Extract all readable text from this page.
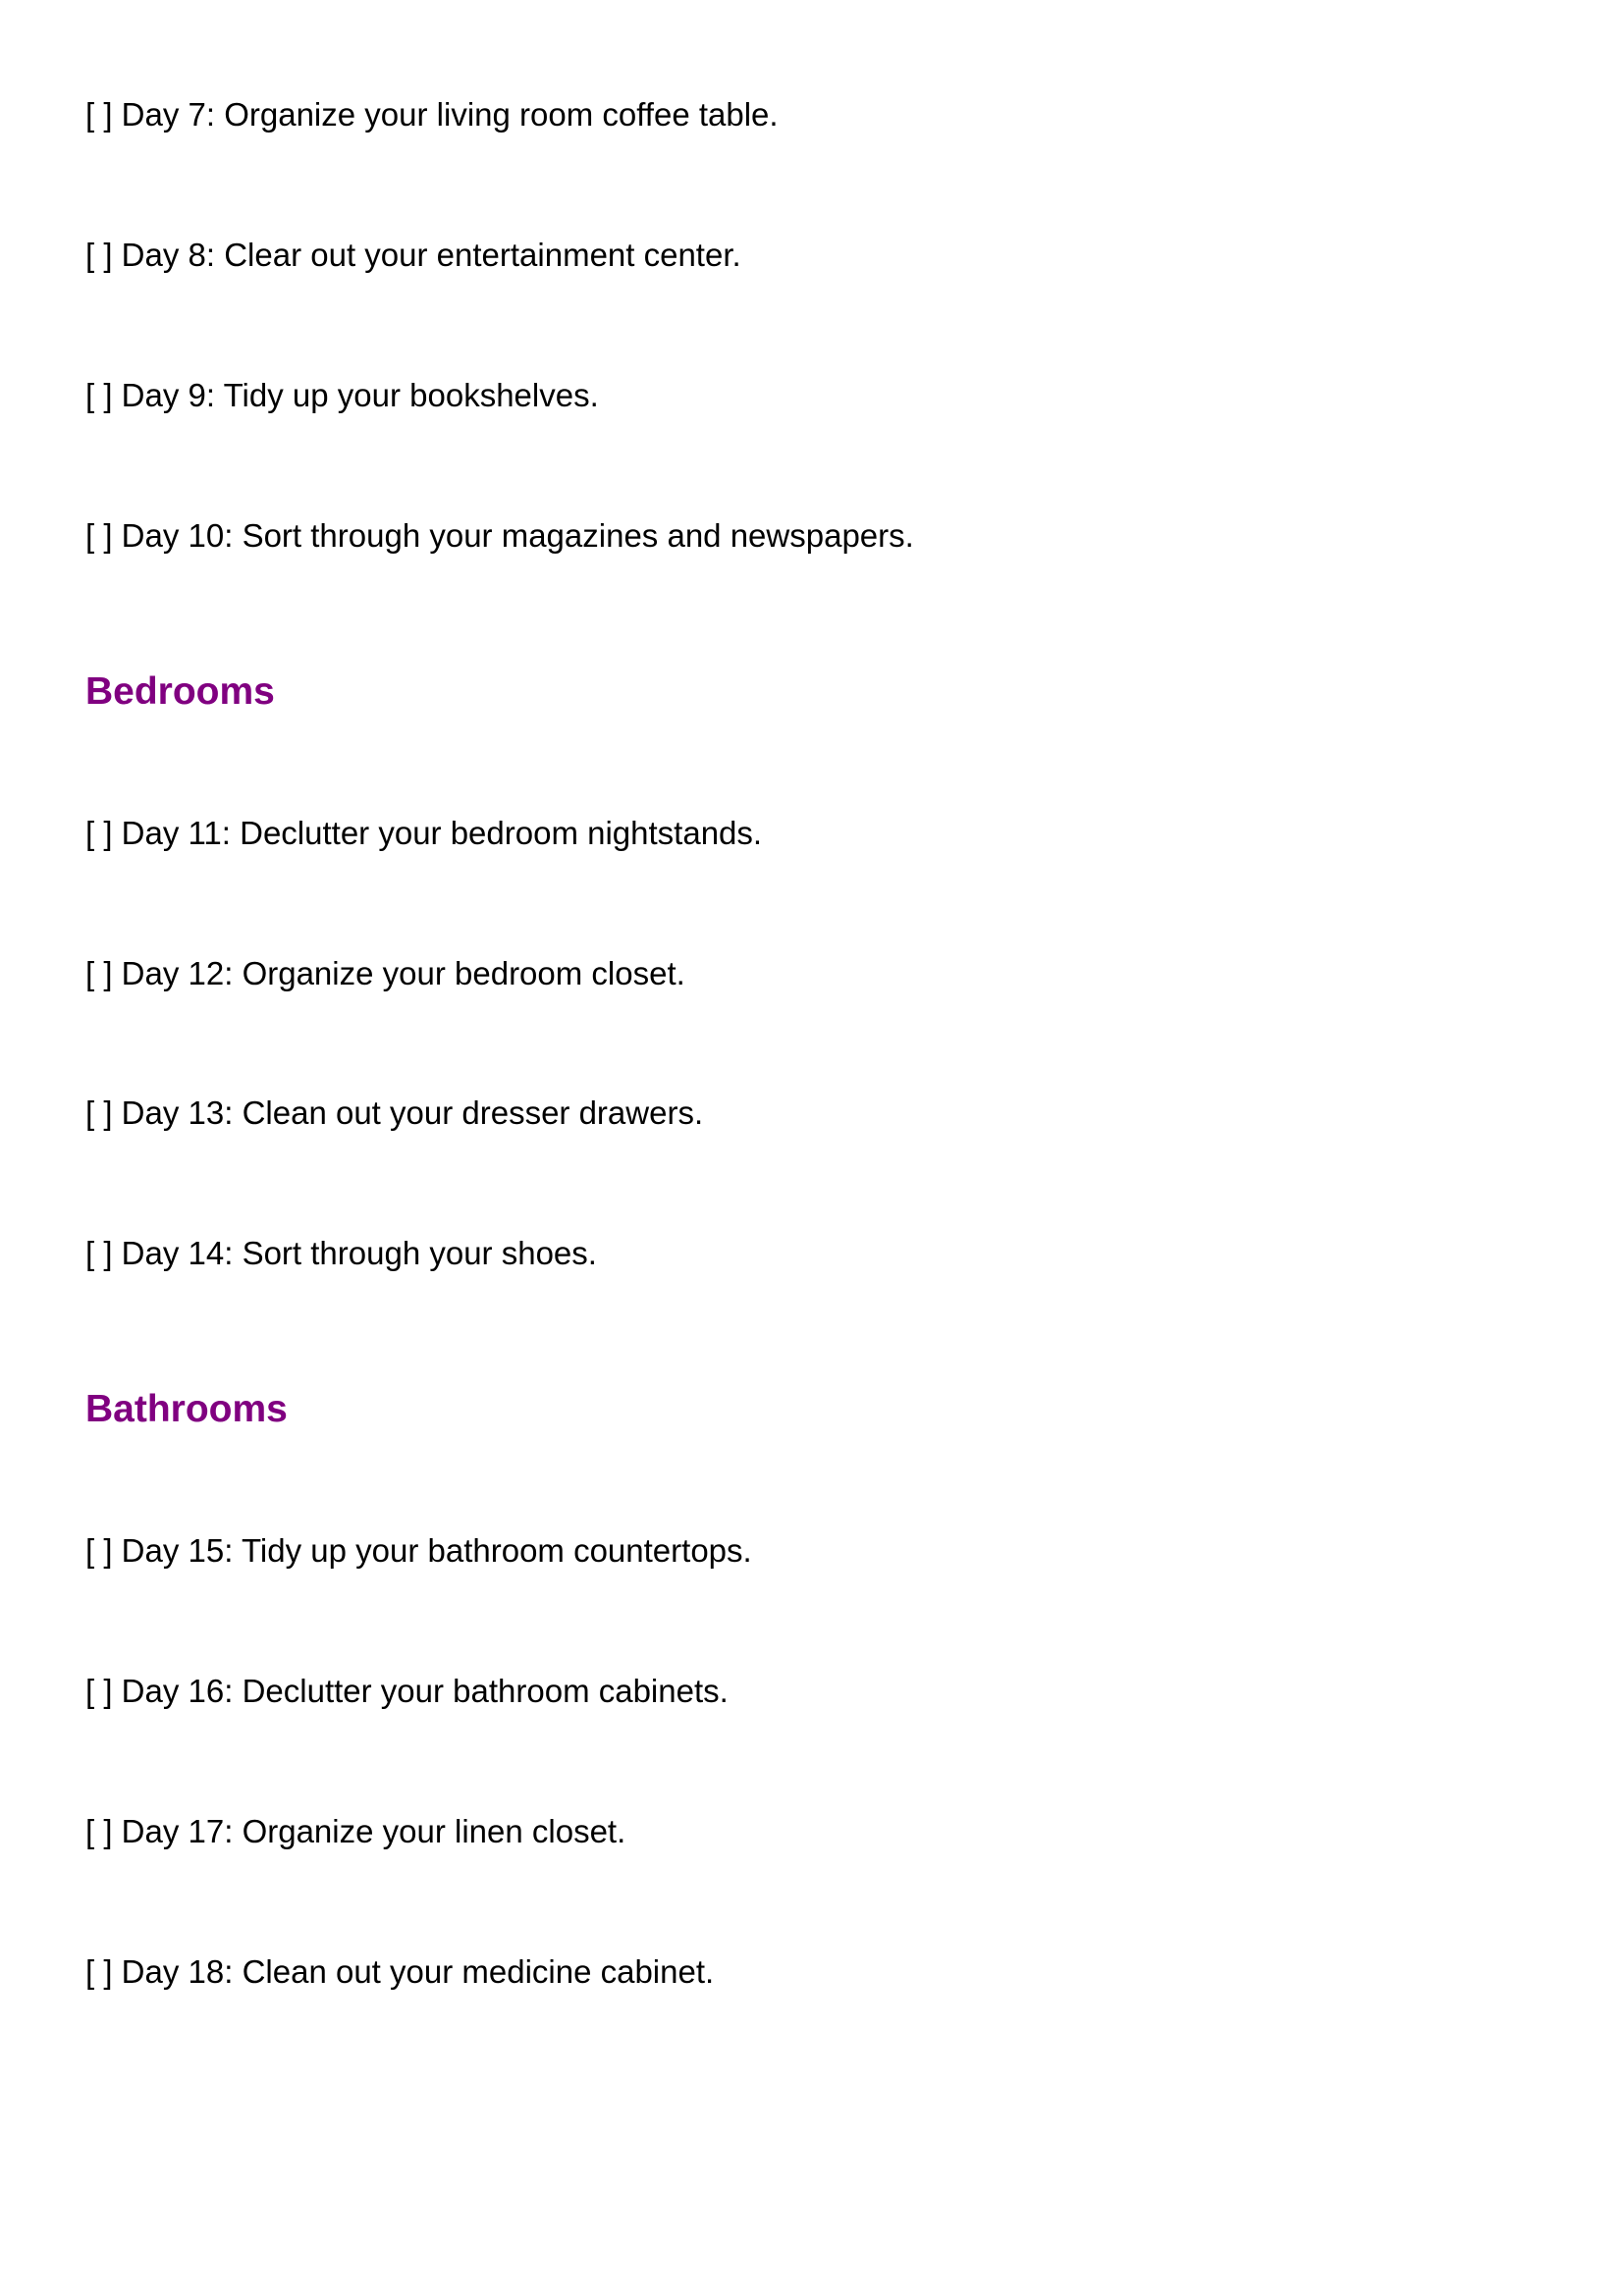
[ ] Day 7: Organize your living room coffee table.
[ ] Day 8: Clear out your entertainment center.
[ ] Day 9: Tidy up your bookshelves.
[ ] Day 10: Sort through your magazines and newspapers.
Bedrooms
[ ] Day 11: Declutter your bedroom nightstands.
[ ] Day 12: Organize your bedroom closet.
[ ] Day 13: Clean out your dresser drawers.
[ ] Day 14: Sort through your shoes.
Bathrooms
[ ] Day 15: Tidy up your bathroom countertops.
[ ] Day 16: Declutter your bathroom cabinets.
[ ] Day 17: Organize your linen closet.
[ ] Day 18: Clean out your medicine cabinet.
